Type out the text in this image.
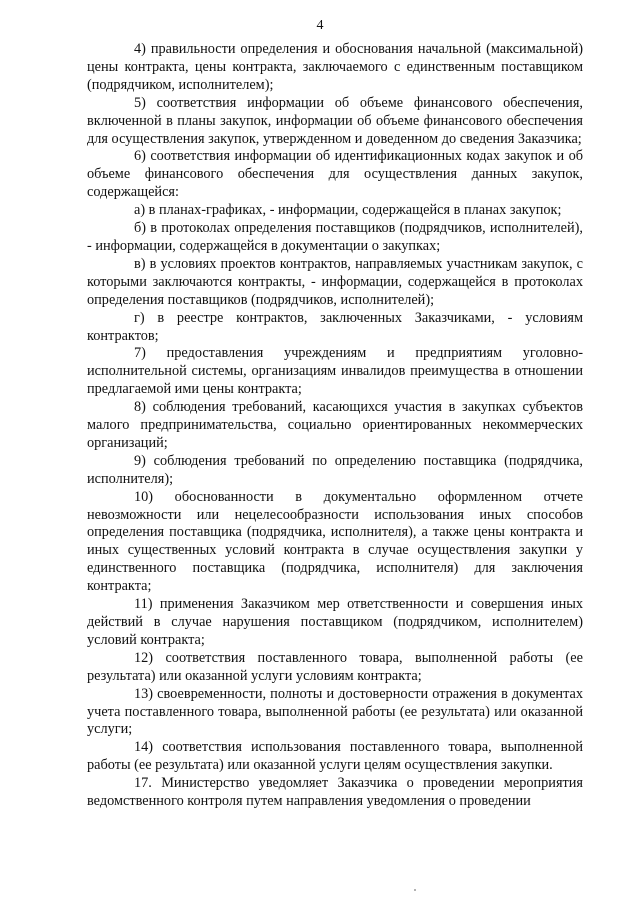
4

4) правильности определения и обоснования начальной (максимальной) цены контракта, цены контракта, заключаемого с единственным поставщиком (подрядчиком, исполнителем);

5) соответствия информации об объеме финансового обеспечения, включенной в планы закупок, информации об объеме финансового обеспечения для осуществления закупок, утвержденном и доведенном до сведения Заказчика;

6) соответствия информации об идентификационных кодах закупок и об объеме финансового обеспечения для осуществления данных закупок, содержащейся:

а) в планах-графиках, - информации, содержащейся в планах закупок;

б) в протоколах определения поставщиков (подрядчиков, исполнителей), - информации, содержащейся в документации о закупках;

в) в условиях проектов контрактов, направляемых участникам закупок, с которыми заключаются контракты, - информации, содержащейся в протоколах определения поставщиков (подрядчиков, исполнителей);

г) в реестре контрактов, заключенных Заказчиками, - условиям контрактов;

7) предоставления учреждениям и предприятиям уголовно-исполнительной системы, организациям инвалидов преимущества в отношении предлагаемой ими цены контракта;

8) соблюдения требований, касающихся участия в закупках субъектов малого предпринимательства, социально ориентированных некоммерческих организаций;

9) соблюдения требований по определению поставщика (подрядчика, исполнителя);

10) обоснованности в документально оформленном отчете невозможности или нецелесообразности использования иных способов определения поставщика (подрядчика, исполнителя), а также цены контракта и иных существенных условий контракта в случае осуществления закупки у единственного поставщика (подрядчика, исполнителя) для заключения контракта;

11) применения Заказчиком мер ответственности и совершения иных действий в случае нарушения поставщиком (подрядчиком, исполнителем) условий контракта;

12) соответствия поставленного товара, выполненной работы (ее результата) или оказанной услуги условиям контракта;

13) своевременности, полноты и достоверности отражения в документах учета поставленного товара, выполненной работы (ее результата) или оказанной услуги;

14) соответствия использования поставленного товара, выполненной работы (ее результата) или оказанной услуги целям осуществления закупки.

17. Министерство уведомляет Заказчика о проведении мероприятия ведомственного контроля путем направления уведомления о проведении
